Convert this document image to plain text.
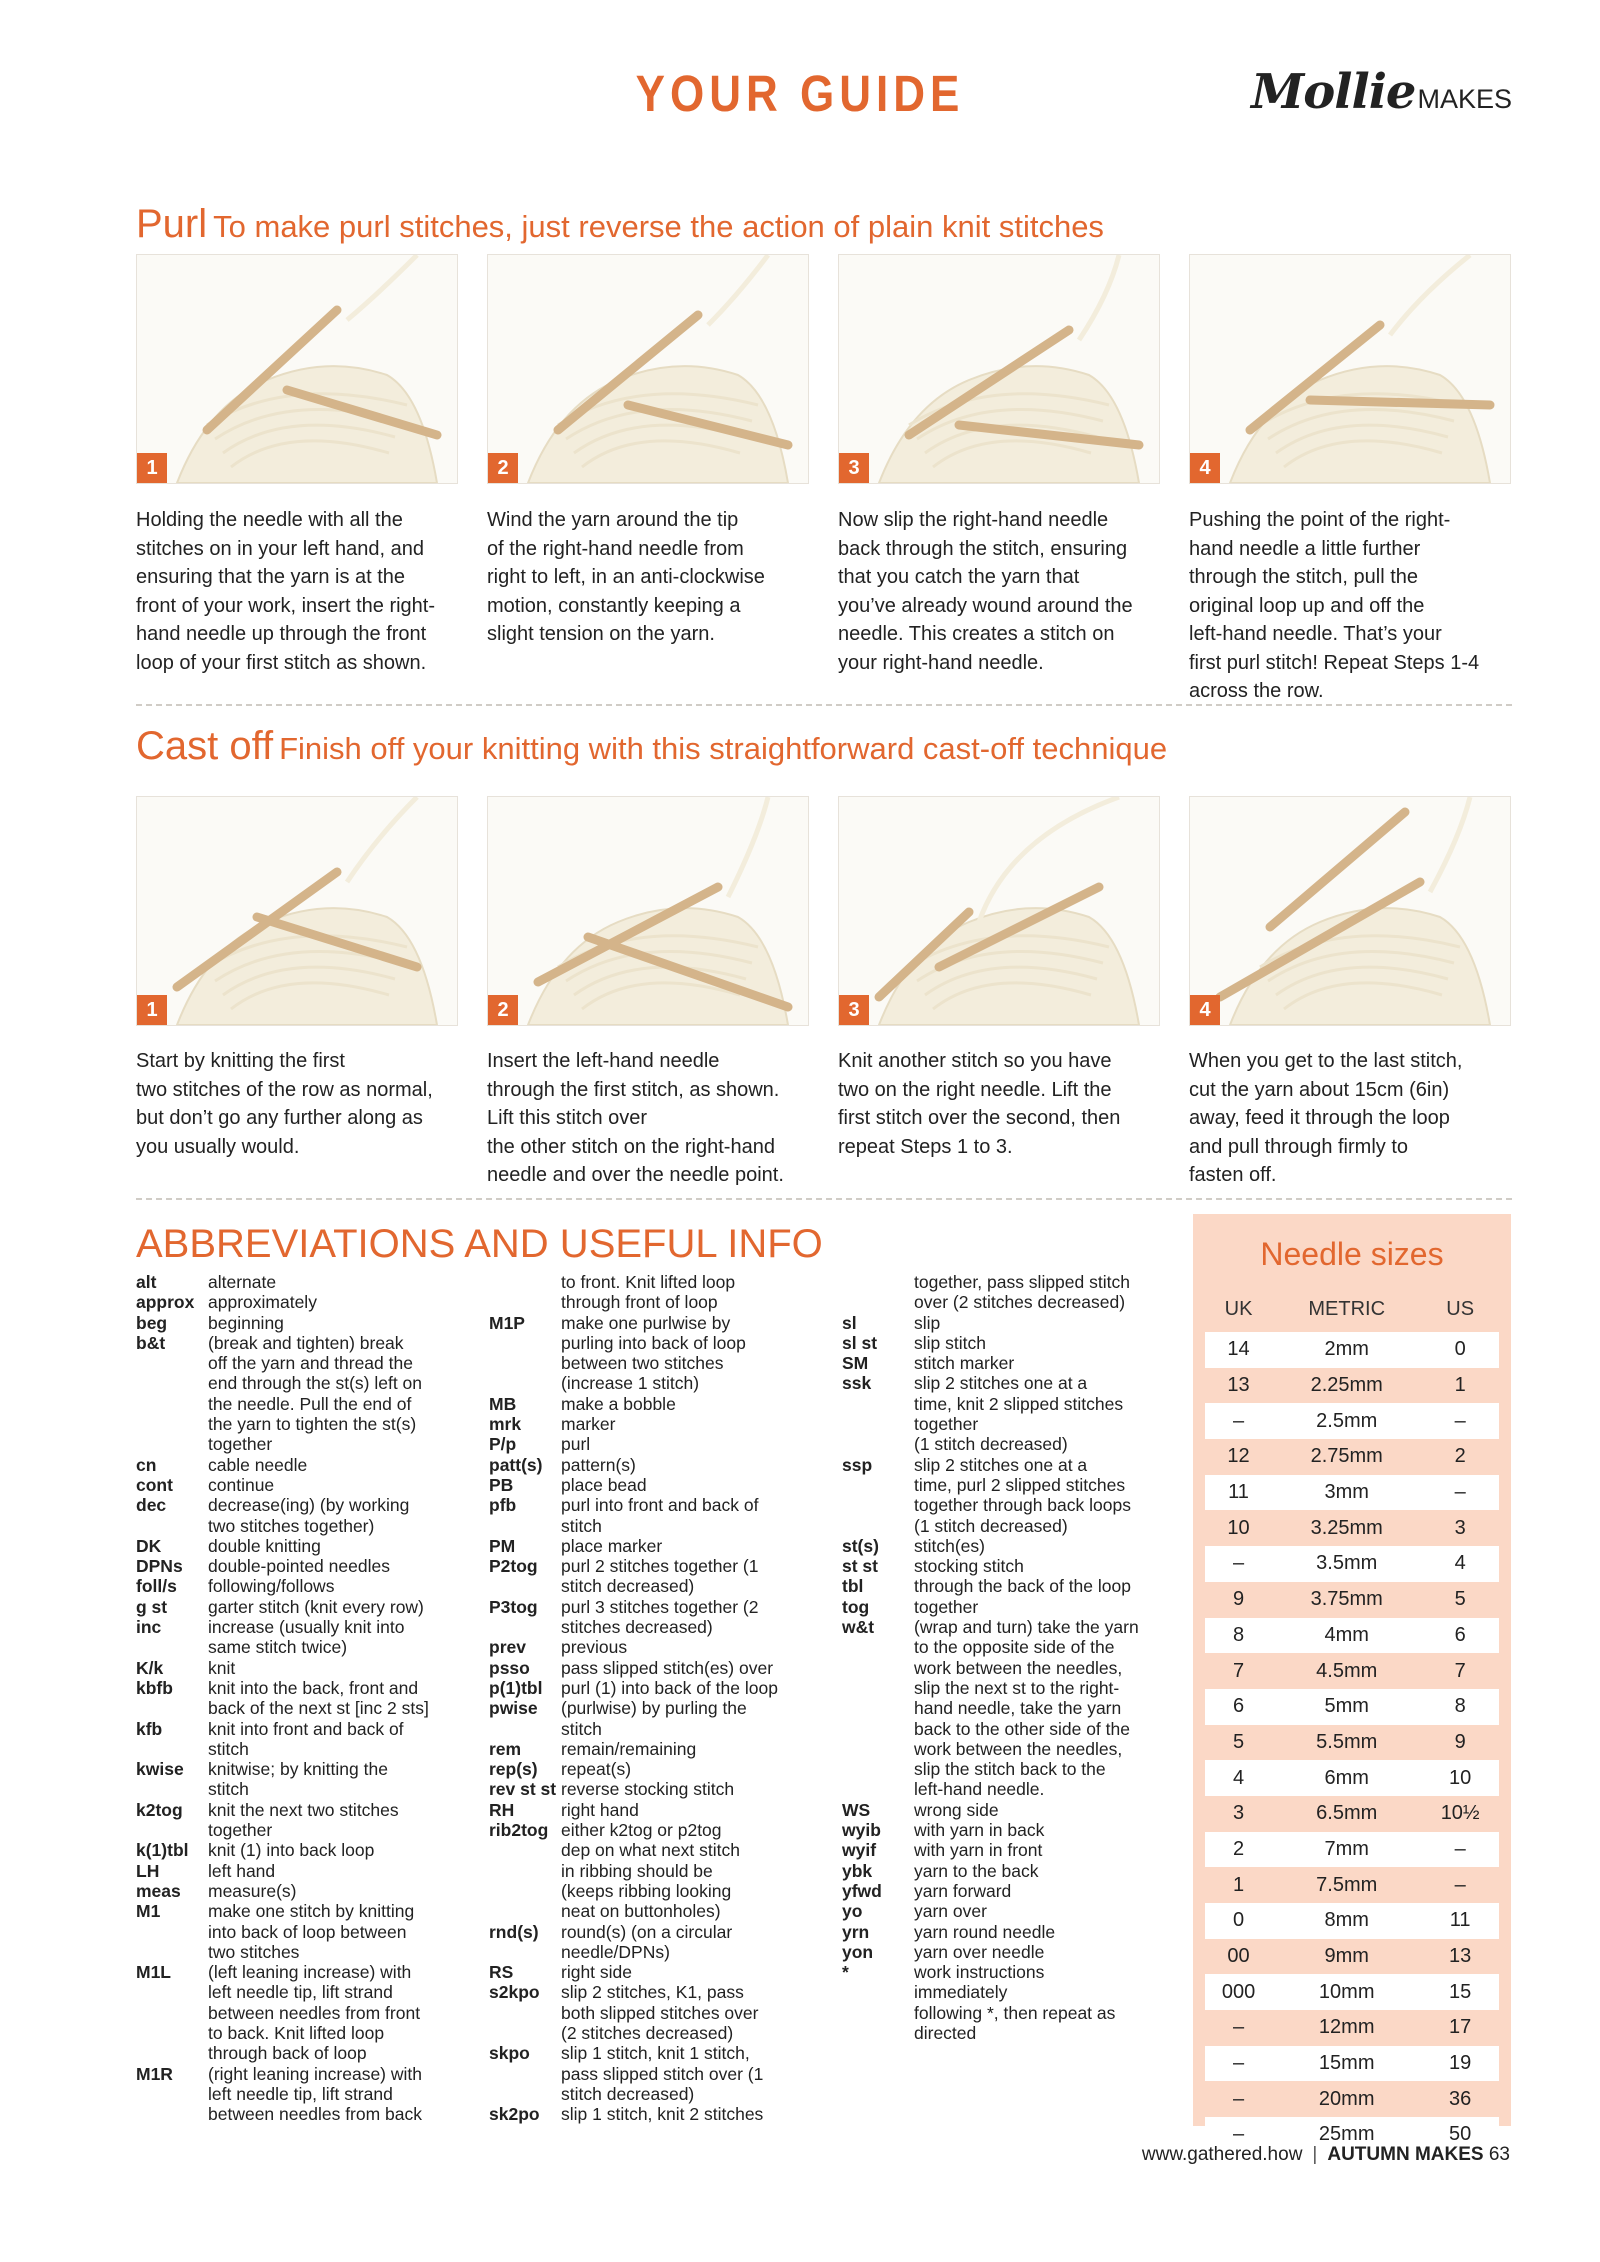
YOUR GUIDE	MollieMAKES
Purl To make purl stitches, just reverse the action of plain knit stitches
1	2	3	4
Holding the needle with all the
stitches on in your left hand, and
ensuring that the yarn is at the
front of your work, insert the right-
hand needle up through the front
loop of your first stitch as shown.
Wind the yarn around the tip
of the right-hand needle from
right to left, in an anti-clockwise
motion, constantly keeping a
slight tension on the yarn.
Now slip the right-hand needle
back through the stitch, ensuring
that you catch the yarn that
you’ve already wound around the
needle. This creates a stitch on
your right-hand needle.
Pushing the point of the right-
hand needle a little further
through the stitch, pull the
original loop up and off the
left-hand needle. That’s your
first purl stitch! Repeat Steps 1-4
across the row.
Cast off Finish off your knitting with this straightforward cast-off technique
1	2	3	4
Start by knitting the first
two stitches of the row as normal,
but don’t go any further along as
you usually would.
Insert the left-hand needle
through the first stitch, as shown.
Lift this stitch over
the other stitch on the right-hand
needle and over the needle point.
Knit another stitch so you have
two on the right needle. Lift the
first stitch over the second, then
repeat Steps 1 to 3.
When you get to the last stitch,
cut the yarn about 15cm (6in)
away, feed it through the loop
and pull through firmly to
fasten off.
ABBREVIATIONS AND USEFUL INFO
alt	alternate
approx approximately
beg	beginning
b&t	(break and tighten) break
off the yarn and thread the
end through the st(s) left on
the needle. Pull the end of
the yarn to tighten the st(s)
together
cn	cable needle
cont	continue
dec	decrease(ing) (by working
two stitches together)
DK	double knitting
DPNs	double-pointed needles
foll/s	following/follows
g st	garter stitch (knit every row)
inc	increase (usually knit into
same stitch twice)
K/k	knit
kbfb	knit into the back, front and
back of the next st [inc 2 sts]
kfb	knit into front and back of
stitch
kwise	knitwise; by knitting the
stitch
k2tog	knit the next two stitches
together
k(1)tbl	knit (1) into back loop
LH	left hand
meas	measure(s)
M1	make one stitch by knitting
into back of loop between
two stitches
M1L	(left leaning increase) with
left needle tip, lift strand
between needles from front
to back. Knit lifted loop
through back of loop
M1R	(right leaning increase) with
left needle tip, lift strand
between needles from back
to front. Knit lifted loop
through front of loop
M1P	make one purlwise by
purling into back of loop
between two stitches
(increase 1 stitch)
MB	make a bobble
mrk	marker
P/p	purl
patt(s)	pattern(s)
PB	place bead
pfb	purl into front and back of
stitch
PM	place marker
P2tog	purl 2 stitches together (1
stitch decreased)
P3tog	purl 3 stitches together (2
stitches decreased)
prev	previous
psso	pass slipped stitch(es) over
p(1)tbl	purl (1) into back of the loop
pwise	(purlwise) by purling the
stitch
rem	remain/remaining
rep(s)	repeat(s)
rev st st reverse stocking stitch
RH	right hand
rib2tog either k2tog or p2tog
dep on what next stitch
in ribbing should be
(keeps ribbing looking
neat on buttonholes)
rnd(s)	round(s) (on a circular
needle/DPNs)
RS	right side
s2kpo	slip 2 stitches, K1, pass
both slipped stitches over
(2 stitches decreased)
skpo	slip 1 stitch, knit 1 stitch,
pass slipped stitch over (1
stitch decreased)
sk2po	slip 1 stitch, knit 2 stitches
together, pass slipped stitch
over (2 stitches decreased)
sl	slip
sl st	slip stitch
SM	stitch marker
ssk	slip 2 stitches one at a
time, knit 2 slipped stitches
together
(1 stitch decreased)
ssp	slip 2 stitches one at a
time, purl 2 slipped stitches
together through back loops
(1 stitch decreased)
st(s)	stitch(es)
st st	stocking stitch
tbl	through the back of the loop
tog	together
w&t	(wrap and turn) take the yarn
to the opposite side of the
work between the needles,
slip the next st to the right-
hand needle, take the yarn
back to the other side of the
work between the needles,
slip the stitch back to the
left-hand needle.
WS	wrong side
wyib	with yarn in back
wyif	with yarn in front
ybk	yarn to the back
yfwd	yarn forward
yo	yarn over
yrn	yarn round needle
yon	yarn over needle
*	work instructions
immediately
following *, then repeat as
directed
Needle sizes
UK	METRIC	US
14	2mm	0
13	2.25mm	1
–	2.5mm	–
12	2.75mm	2
11	3mm	–
10	3.25mm	3
–	3.5mm	4
9	3.75mm	5
8	4mm	6
7	4.5mm	7
6	5mm	8
5	5.5mm	9
4	6mm	10
3	6.5mm	10½
2	7mm	–
1	7.5mm	–
0	8mm	11
00	9mm	13
000	10mm	15
–	12mm	17
–	15mm	19
–	20mm	36
–	25mm	50
www.gathered.how | AUTUMN MAKES 63
